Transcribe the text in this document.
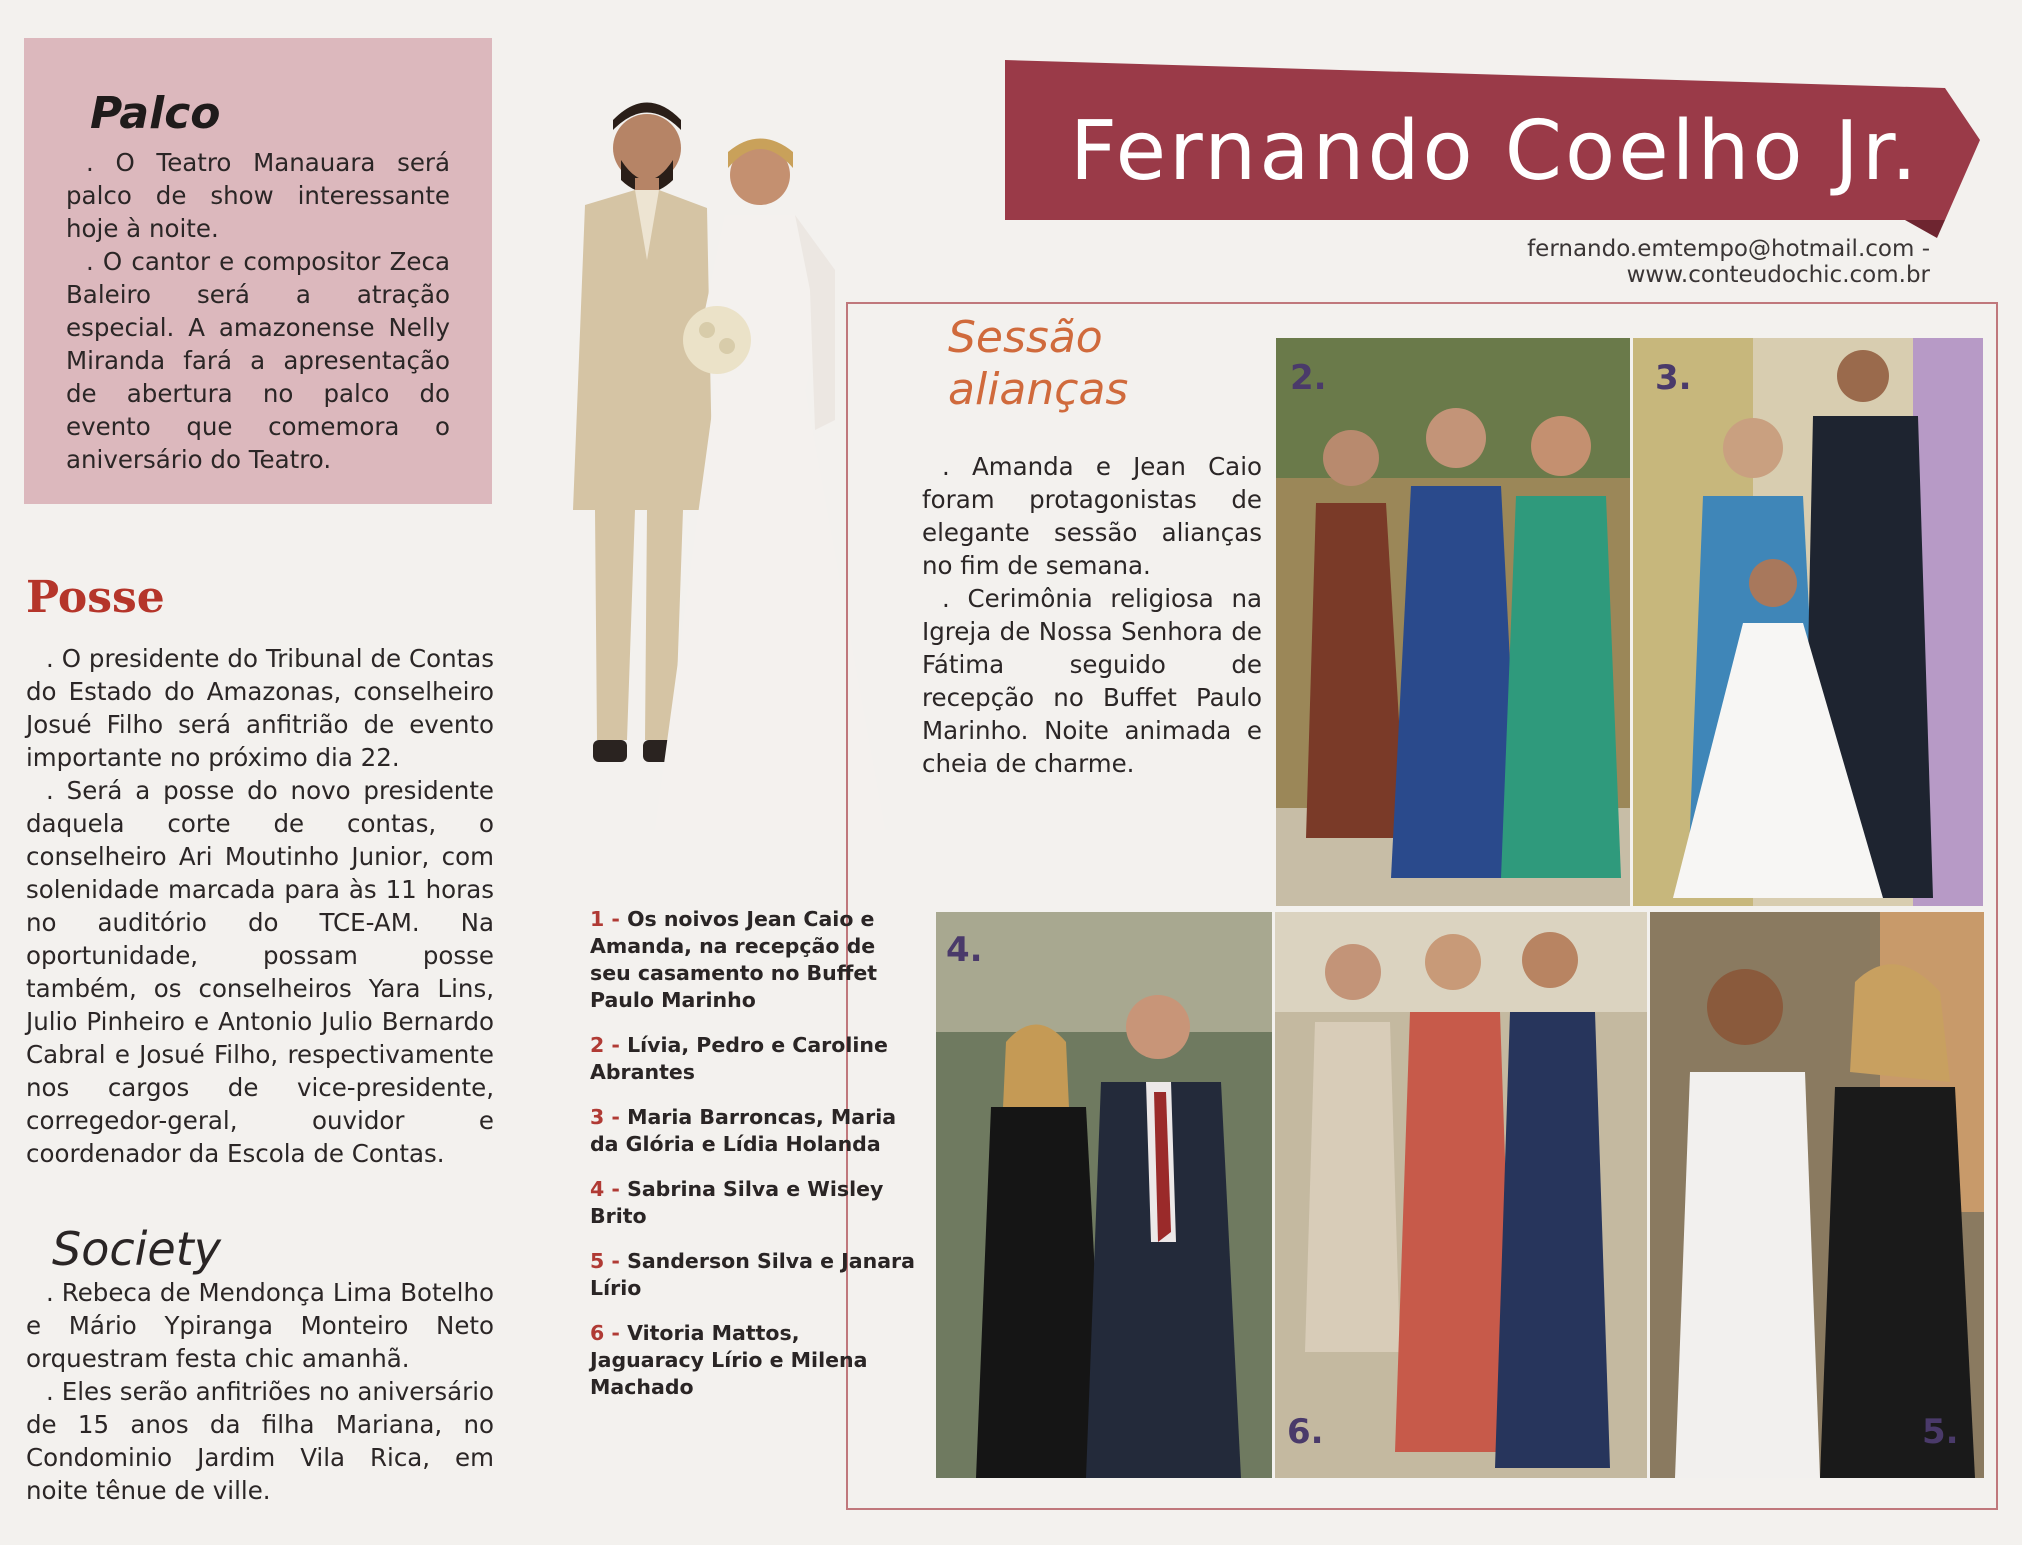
Palco

. O Teatro Manauara será palco de show interessante hoje à noite.

. O cantor e compositor Zeca Baleiro será a atração especial. A amazonense Nelly Miranda fará a apresentação de abertura no palco do evento que comemora o aniversário do Teatro.

Posse

. O presidente do Tribunal de Contas do Estado do Amazonas, conselheiro Josué Filho será anfitrião de evento importante no próximo dia 22.

. Será a posse do novo presidente daquela corte de contas, o conselheiro Ari Moutinho Junior, com solenidade marcada para às 11 horas no auditório do TCE-AM. Na oportunidade, possam posse também, os conselheiros Yara Lins, Julio Pinheiro e Antonio Julio Bernardo Cabral e Josué Filho, respectivamente nos cargos de vice-presidente, corregedor-geral, ouvidor e coordenador da Escola de Contas.

Society

. Rebeca de Mendonça Lima Botelho e Mário Ypiranga Monteiro Neto orquestram festa chic amanhã.

. Eles serão anfitriões no aniversário de 15 anos da filha Mariana, no Condominio Jardim Vila Rica, em noite tênue de ville.

Fernando Coelho Jr.
fernando.emtempo@hotmail.com - www.conteudochic.com.br
Sessão
alianças

. Amanda e Jean Caio foram protagonistas de elegante sessão alianças no fim de semana.

. Cerimônia religiosa na Igreja de Nossa Senhora de Fátima seguido de recepção no Buffet Paulo Marinho. Noite animada e cheia de charme.

2.	3.
1 - Os noivos Jean Caio e Amanda, na recepção de seu casamento no Buffet Paulo Marinho
2 - Lívia, Pedro e Caroline Abrantes
3 - Maria Barroncas, Maria da Glória e Lídia Holanda
4 - Sabrina Silva e Wisley Brito
5 - Sanderson Silva e Janara Lírio
6 - Vitoria Mattos, Jaguaracy Lírio e Milena Machado
4.
6.	5.
